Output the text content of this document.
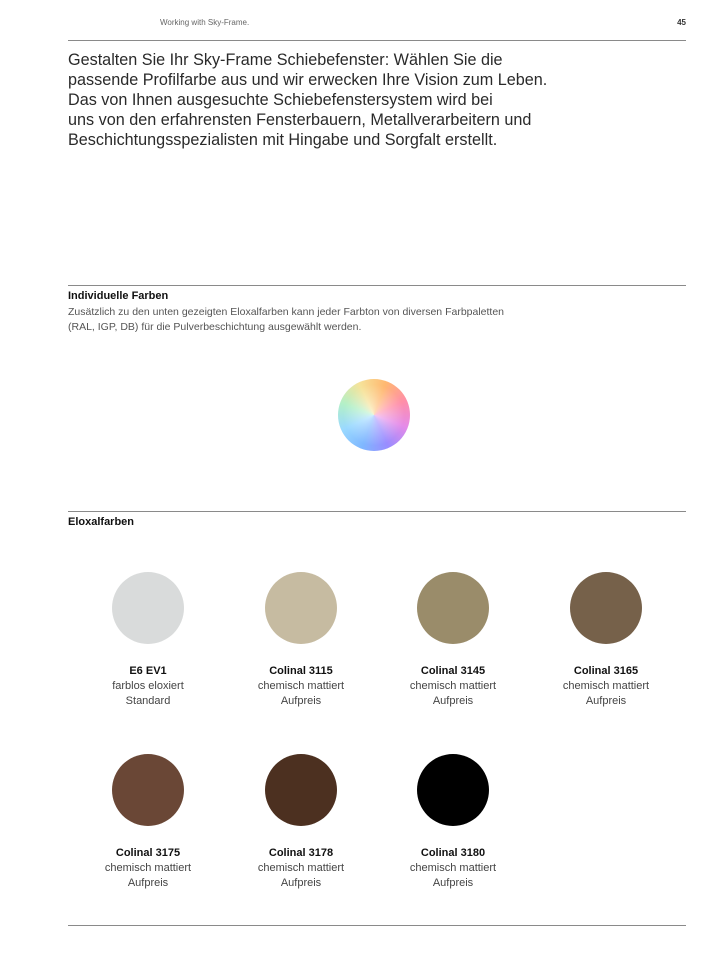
Working with Sky-Frame.	45
Gestalten Sie Ihr Sky-Frame Schiebefenster: Wählen Sie die
passende Profilfarbe aus und wir erwecken Ihre Vision zum Leben.
Das von Ihnen ausgesuchte Schiebefenstersystem wird bei
uns von den erfahrensten Fensterbauern, Metallverarbeitern und
Beschichtungsspezialisten mit Hingabe und Sorgfalt erstellt.
Individuelle Farben
Zusätzlich zu den unten gezeigten Eloxalfarben kann jeder Farbton von diversen Farbpaletten
(RAL, IGP, DB) für die Pulverbeschichtung ausgewählt werden.
Eloxalfarben
E6 EV1
farblos eloxiert
Standard
Colinal 3115
chemisch mattiert
Aufpreis
Colinal 3145
chemisch mattiert
Aufpreis
Colinal 3165
chemisch mattiert
Aufpreis
Colinal 3175
chemisch mattiert
Aufpreis
Colinal 3178
chemisch mattiert
Aufpreis
Colinal 3180
chemisch mattiert
Aufpreis
